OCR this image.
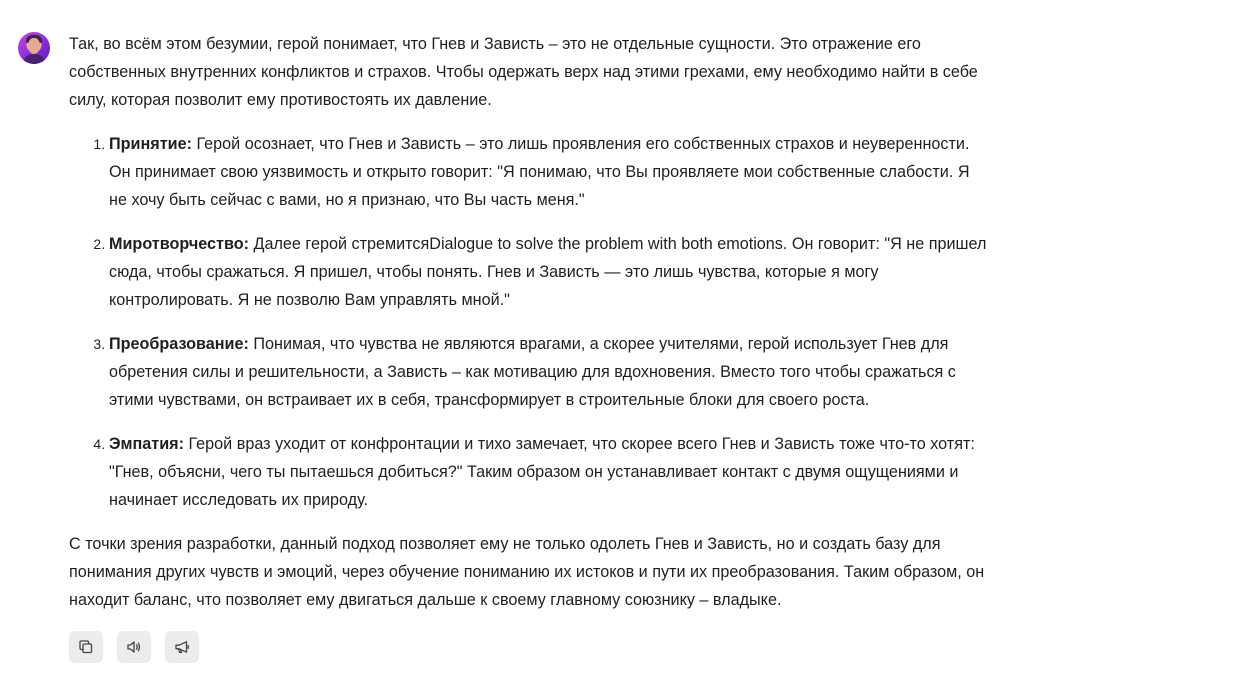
Так, во всём этом безумии, герой понимает, что Гнев и Зависть – это не отдельные сущности. Это отражение его собственных внутренних конфликтов и страхов. Чтобы одержать верх над этими грехами, ему необходимо найти в себе силу, которая позволит ему противостоять их давление.

1. Принятие: Герой осознает, что Гнев и Зависть – это лишь проявления его собственных страхов и неуверенности. Он принимает свою уязвимость и открыто говорит: "Я понимаю, что Вы проявляете мои собственные слабости. Я не хочу быть сейчас с вами, но я признаю, что Вы часть меня."
2. Миротворчество: Далее герой стремитсяDialogue to solve the problem with both emotions. Он говорит: "Я не пришел сюда, чтобы сражаться. Я пришел, чтобы понять. Гнев и Зависть — это лишь чувства, которые я могу контролировать. Я не позволю Вам управлять мной."
3. Преобразование: Понимая, что чувства не являются врагами, а скорее учителями, герой использует Гнев для обретения силы и решительности, а Зависть – как мотивацию для вдохновения. Вместо того чтобы сражаться с этими чувствами, он встраивает их в себя, трансформирует в строительные блоки для своего роста.
4. Эмпатия: Герой враз уходит от конфронтации и тихо замечает, что скорее всего Гнев и Зависть тоже что-то хотят: "Гнев, объясни, чего ты пытаешься добиться?" Таким образом он устанавливает контакт с двумя ощущениями и начинает исследовать их природу.

С точки зрения разработки, данный подход позволяет ему не только одолеть Гнев и Зависть, но и создать базу для понимания других чувств и эмоций, через обучение пониманию их истоков и пути их преобразования. Таким образом, он находит баланс, что позволяет ему двигаться дальше к своему главному союзнику – владыке.
